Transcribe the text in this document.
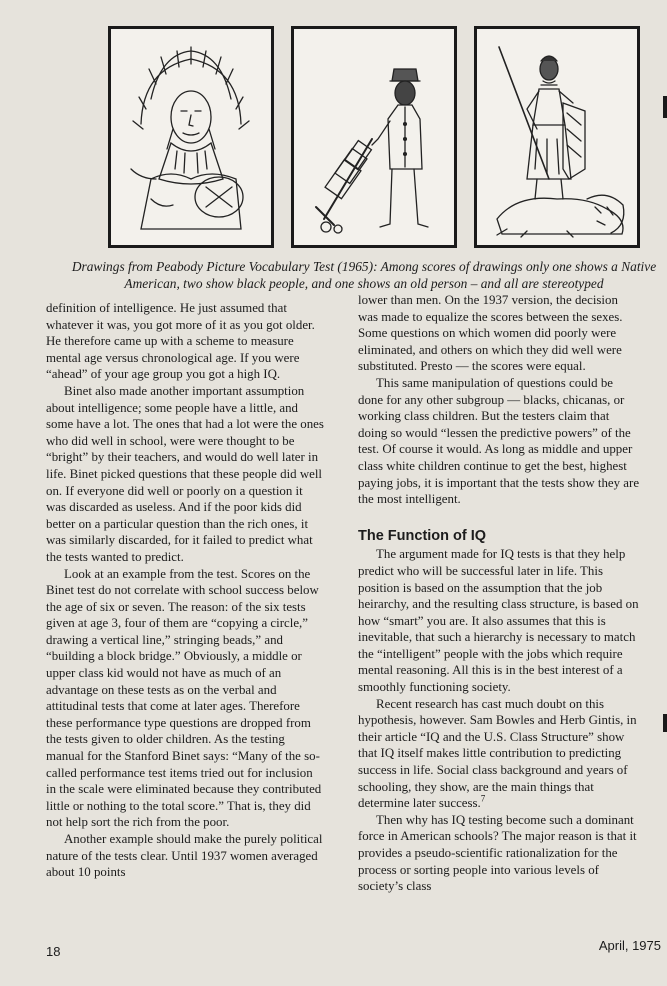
Drawings from Peabody Picture Vocabulary Test (1965): Among scores of drawings only one shows a Native American, two show black people, and one shows an old person – and all are stereotyped

definition of intelligence. He just assumed that whatever it was, you got more of it as you got older. He therefore came up with a scheme to measure mental age versus chronological age. If you were “ahead” of your age group you got a high IQ.

Binet also made another important assumption about intelligence; some people have a little, and some have a lot. The ones that had a lot were the ones who did well in school, were were thought to be “bright” by their teachers, and would do well later in life. Binet picked questions that these people did well on. If everyone did well or poorly on a question it was discarded as useless. And if the poor kids did better on a particular question than the rich ones, it was similarly discarded, for it failed to predict what the tests wanted to predict.

Look at an example from the test. Scores on the Binet test do not correlate with school success below the age of six or seven. The reason: of the six tests given at age 3, four of them are “copying a circle,” drawing a vertical line,” stringing beads,” and “building a block bridge.” Obviously, a middle or upper class kid would not have as much of an advantage on these tests as on the verbal and attitudinal tests that come at later ages. Therefore these performance type questions are dropped from the tests given to older children. As the testing manual for the Stanford Binet says: “Many of the so-called performance test items tried out for inclusion in the scale were eliminated because they contributed little or nothing to the total score.” That is, they did not help sort the rich from the poor.

Another example should make the purely political nature of the tests clear. Until 1937 women averaged about 10 points

lower than men. On the 1937 version, the decision was made to equalize the scores between the sexes. Some questions on which women did poorly were eliminated, and others on which they did well were substituted. Presto — the scores were equal.

This same manipulation of questions could be done for any other subgroup — blacks, chicanas, or working class children. But the testers claim that doing so would “lessen the predictive powers” of the test. Of course it would. As long as middle and upper class white children continue to get the best, highest paying jobs, it is important that the tests show they are the most intelligent.

The Function of IQ

The argument made for IQ tests is that they help predict who will be successful later in life. This position is based on the assumption that the job heirarchy, and the resulting class structure, is based on how “smart” you are. It also assumes that this is inevitable, that such a hierarchy is necessary to match the “intelligent” people with the jobs which require mental reasoning. All this is in the best interest of a smoothly functioning society.

Recent research has cast much doubt on this hypothesis, however. Sam Bowles and Herb Gintis, in their article “IQ and the U.S. Class Structure” show that IQ itself makes little contribution to predicting success in life. Social class background and years of schooling, they show, are the main things that determine later success.$^7$

Then why has IQ testing become such a dominant force in American schools? The major reason is that it provides a pseudo-scientific rationalization for the process or sorting people into various levels of society’s class

18	April, 1975
